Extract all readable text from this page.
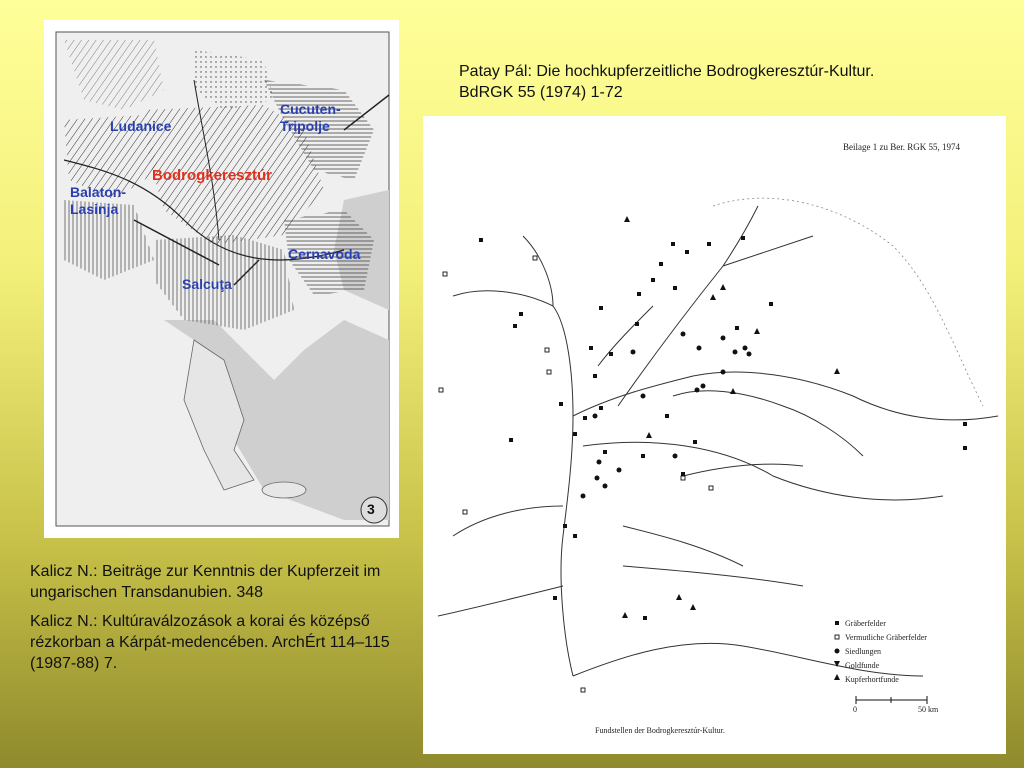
Ludanice
Cucuten-
Tripolje
Bodrogkeresztúr
Balaton-
Lasinja
Cernavoda
Salcuţa
3
Patay Pál: Die hochkupferzeitliche Bodrogkeresztúr-Kultur.
BdRGK 55 (1974) 1-72

Kalicz N.: Beiträge zur Kenntnis der Kupferzeit im ungarischen Transdanubien. 348

Kalicz N.: Kultúraválzozások a korai és középső rézkorban a Kárpát-medencében. ArchÉrt 114–115 (1987-88) 7.

Beilage 1 zu Ber. RGK 55, 1974
Gräberfelder
Vermutliche Gräberfelder
Siedlungen
Goldfunde
Kupferhortfunde
0	50 km
Fundstellen der Bodrogkeresztúr-Kultur.
